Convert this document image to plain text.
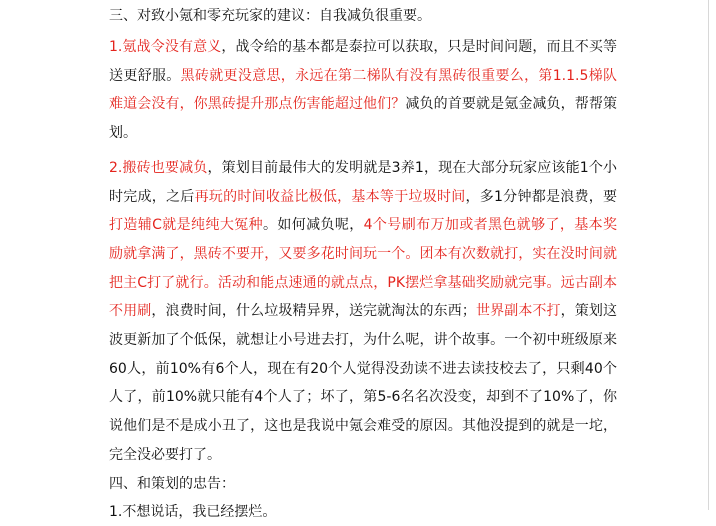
三、对致小氪和零充玩家的建议：自我减负很重要。

1.氪战令没有意义，战令给的基本都是泰拉可以获取，只是时间问题，而且不买等送更舒服。黑砖就更没意思，永远在第二梯队有没有黑砖很重要么，第1.1.5梯队难道会没有，你黑砖提升那点伤害能超过他们？减负的首要就是氪金减负，帮帮策划。

2.搬砖也要减负，策划目前最伟大的发明就是3养1，现在大部分玩家应该能1个小时完成，之后再玩的时间收益比极低，基本等于垃圾时间，多1分钟都是浪费，要打造辅C就是纯纯大冤种。如何减负呢，4个号刷布万加或者黑色就够了，基本奖励就拿满了，黑砖不要开，又要多花时间玩一个。团本有次数就打，实在没时间就把主C打了就行。活动和能点速通的就点点，PK摆烂拿基础奖励就完事。远古副本不用刷，浪费时间，什么垃圾精异界，送完就淘汰的东西；世界副本不打，策划这波更新加了个低保，就想让小号进去打，为什么呢，讲个故事。一个初中班级原来60人，前10%有6个人，现在有20个人觉得没劲读不进去读技校去了，只剩40个人了，前10%就只能有4个人了；坏了，第5-6名名次没变，却到不了10%了，你说他们是不是成小丑了，这也是我说中氪会难受的原因。其他没提到的就是一坨，完全没必要打了。

四、和策划的忠告：
1.不想说话，我已经摆烂。
